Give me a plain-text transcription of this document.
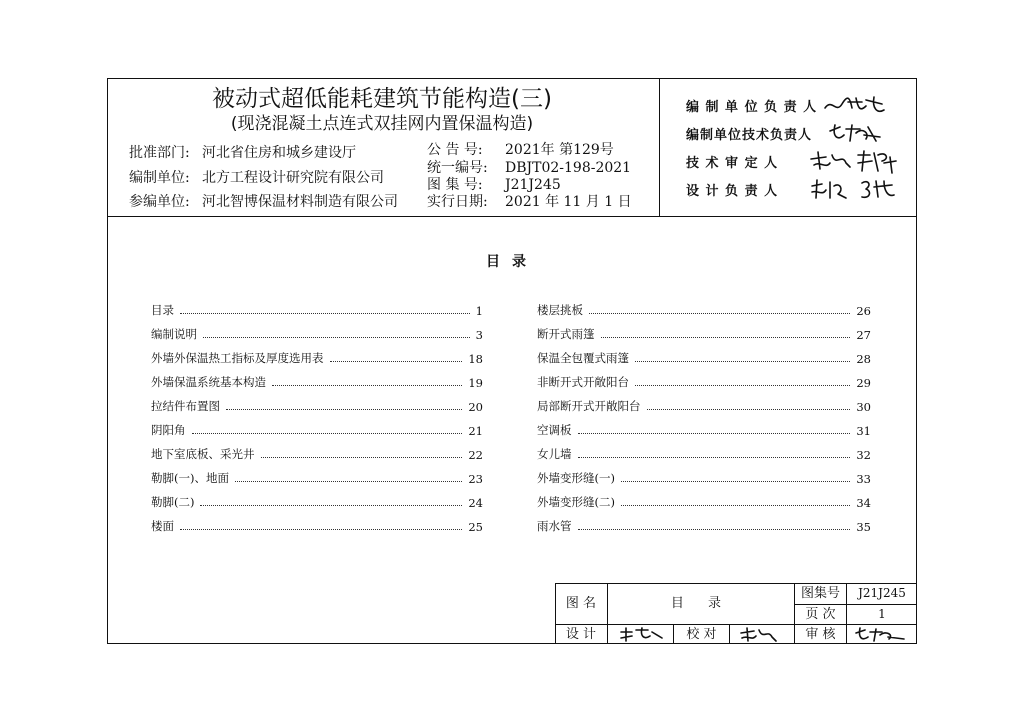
被动式超低能耗建筑节能构造(三)
(现浇混凝土点连式双挂网内置保温构造)
批准部门: 河北省住房和城乡建设厅
编制单位: 北方工程设计研究院有限公司
参编单位: 河北智博保温材料制造有限公司
公 告 号: 2021年 第129号
统一编号: DBJT02-198-2021
图 集 号: J21J245
实行日期: 2021 年 11 月 1 日
编 制 单 位 负 责 人
编制单位技术负责人
技 术 审 定 人
设 计 负 责 人
目录
目录	1
编制说明	3
外墙外保温热工指标及厚度选用表	18
外墙保温系统基本构造	19
拉结件布置图	20
阴阳角	21
地下室底板、采光井	22
勒脚(一)、地面	23
勒脚(二)	24
楼面	25
楼层挑板	26
断开式雨篷	27
保温全包覆式雨篷	28
非断开式开敞阳台	29
局部断开式开敞阳台	30
空调板	31
女儿墙	32
外墙变形缝(一)	33
外墙变形缝(二)	34
雨水管	35
图 名	目 录
图集号	J21J245
页 次	1
设 计	校 对	审 核
